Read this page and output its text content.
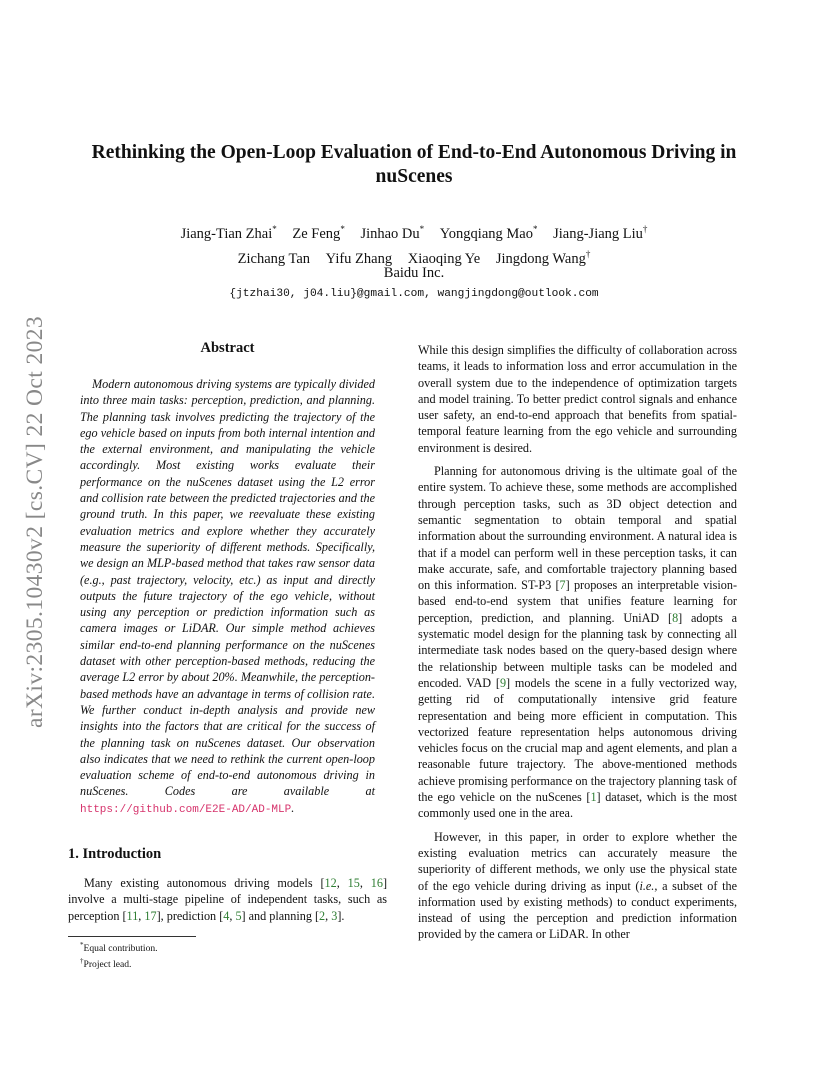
arXiv:2305.10430v2 [cs.CV] 22 Oct 2023
Rethinking the Open-Loop Evaluation of End-to-End Autonomous Driving in nuScenes
Jiang-Tian Zhai* Ze Feng* Jinhao Du* Yongqiang Mao* Jiang-Jiang Liu†
Zichang Tan Yifu Zhang Xiaoqing Ye Jingdong Wang†
Baidu Inc.
{jtzhai30, j04.liu}@gmail.com, wangjingdong@outlook.com
Abstract

Modern autonomous driving systems are typically divided into three main tasks: perception, prediction, and planning. The planning task involves predicting the trajectory of the ego vehicle based on inputs from both internal intention and the external environment, and manipulating the vehicle accordingly. Most existing works evaluate their performance on the nuScenes dataset using the L2 error and collision rate between the predicted trajectories and the ground truth. In this paper, we reevaluate these existing evaluation metrics and explore whether they accurately measure the superiority of different methods. Specifically, we design an MLP-based method that takes raw sensor data (e.g., past trajectory, velocity, etc.) as input and directly outputs the future trajectory of the ego vehicle, without using any perception or prediction information such as camera images or LiDAR. Our simple method achieves similar end-to-end planning performance on the nuScenes dataset with other perception-based methods, reducing the average L2 error by about 20%. Meanwhile, the perception-based methods have an advantage in terms of collision rate. We further conduct in-depth analysis and provide new insights into the factors that are critical for the success of the planning task on nuScenes dataset. Our observation also indicates that we need to rethink the current open-loop evaluation scheme of end-to-end autonomous driving in nuScenes. Codes are available at https://github.com/E2E-AD/AD-MLP.

1. Introduction

Many existing autonomous driving models [12, 15, 16] involve a multi-stage pipeline of independent tasks, such as perception [11, 17], prediction [4, 5] and planning [2, 3].

*Equal contribution.
†Project lead.

While this design simplifies the difficulty of collaboration across teams, it leads to information loss and error accumulation in the overall system due to the independence of optimization targets and model training. To better predict control signals and enhance user safety, an end-to-end approach that benefits from spatial-temporal feature learning from the ego vehicle and surrounding environment is desired.

Planning for autonomous driving is the ultimate goal of the entire system. To achieve these, some methods are accomplished through perception tasks, such as 3D object detection and semantic segmentation to obtain temporal and spatial information about the surrounding environment. A natural idea is that if a model can perform well in these perception tasks, it can make accurate, safe, and comfortable trajectory planning based on this information. ST-P3 [7] proposes an interpretable vision-based end-to-end system that unifies feature learning for perception, prediction, and planning. UniAD [8] adopts a systematic model design for the planning task by connecting all intermediate task nodes based on the query-based design where the relationship between multiple tasks can be modeled and encoded. VAD [9] models the scene in a fully vectorized way, getting rid of computationally intensive grid feature representation and being more efficient in computation. This vectorized feature representation helps autonomous driving vehicles focus on the crucial map and agent elements, and plan a reasonable future trajectory. The above-mentioned methods achieve promising performance on the trajectory planning task of the ego vehicle on the nuScenes [1] dataset, which is the most commonly used one in the area.

However, in this paper, in order to explore whether the existing evaluation metrics can accurately measure the superiority of different methods, we only use the physical state of the ego vehicle during driving as input (i.e., a subset of the information used by existing methods) to conduct experiments, instead of using the perception and prediction information provided by the camera or LiDAR. In other
